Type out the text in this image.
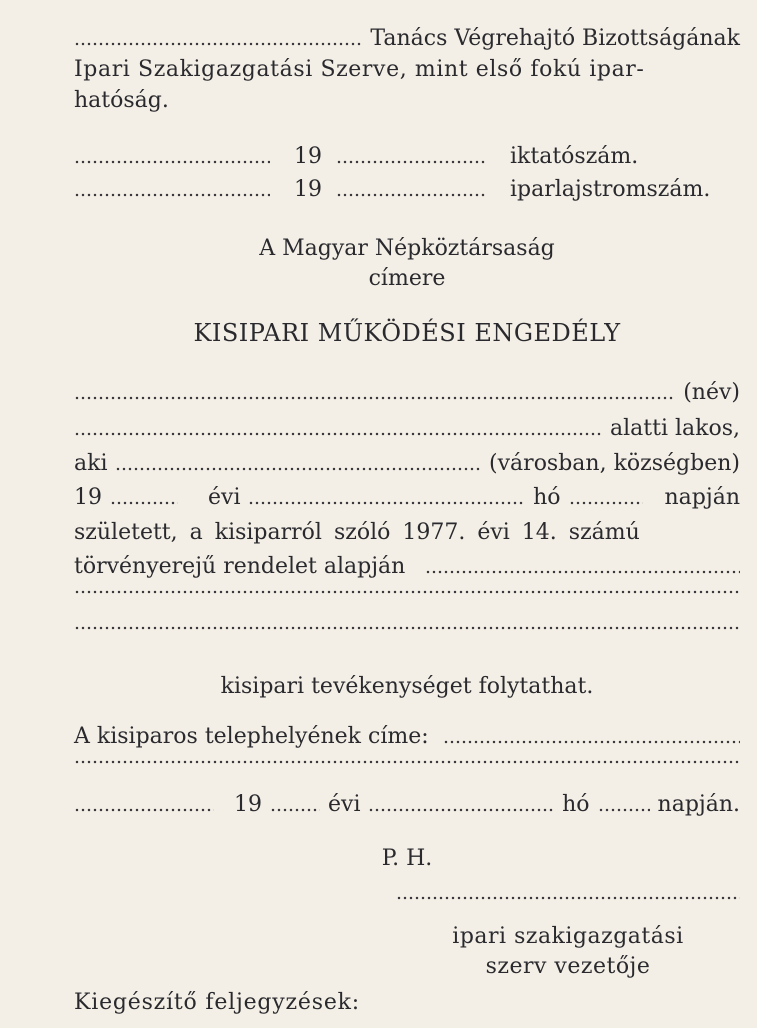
Tanács Végrehajtó Bizottságának
Ipari Szakigazgatási Szerve, mint első fokú ipar-
hatóság.
19	iktatószám.
19	iparlajstromszám.
A Magyar Népköztársaság
címere
KISIPARI MŰKÖDÉSI ENGEDÉLY
(név)
alatti lakos,
aki	(városban, községben)
19	évi	hó	napján
született, a kisiparról szóló 1977. évi 14. számú
törvényerejű rendelet alapján
kisipari tevékenységet folytathat.
A kisiparos telephelyének címe:
19	évi	hó	napján.
P. H.
ipari szakigazgatási
szerv vezetője
Kiegészítő feljegyzések:
